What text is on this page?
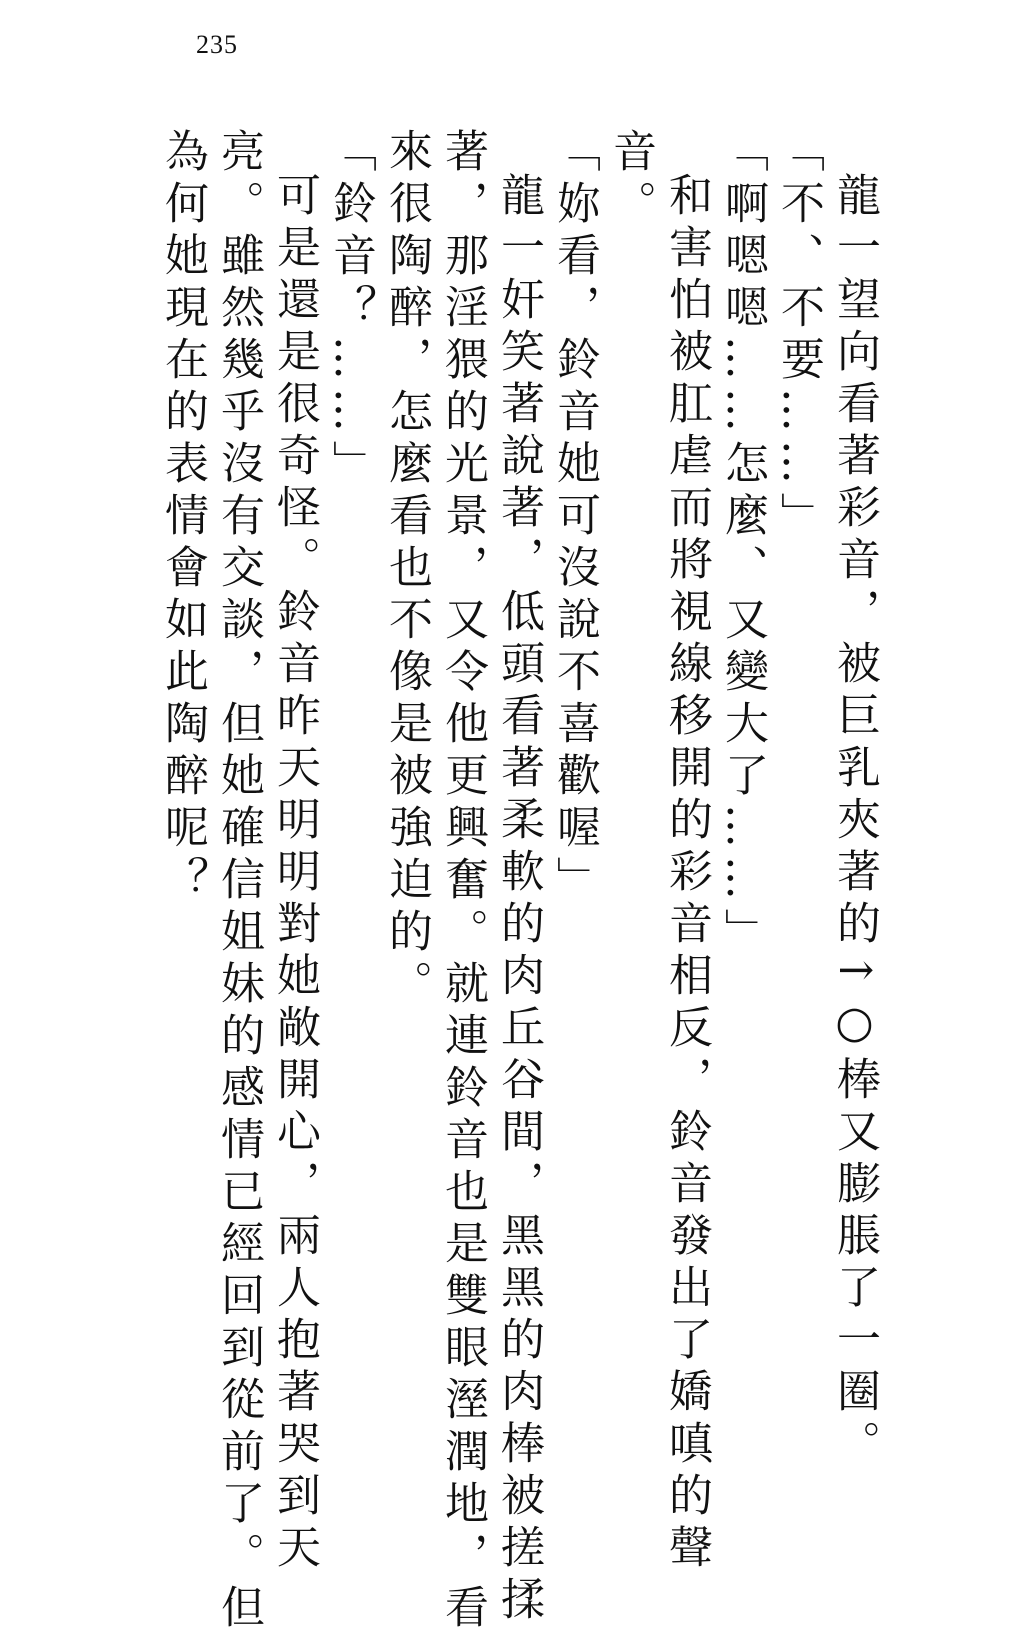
235
龍一望向看著彩音，被巨乳夾著的↑○棒又膨脹了一圈。
「不、不要……」
「啊嗯嗯……怎麼、又變大了……」
和害怕被肛虐而將視線移開的彩音相反，鈴音發出了嬌嗔的聲
音。
「妳看，鈴音她可沒說不喜歡喔」
龍一奸笑著說著，低頭看著柔軟的肉丘谷間，黑黑的肉棒被搓揉
著，那淫猥的光景，又令他更興奮。就連鈴音也是雙眼溼潤地，看
來很陶醉，怎麼看也不像是被強迫的。
「鈴音？……」
可是還是很奇怪。鈴音昨天明明對她敞開心，兩人抱著哭到天
亮。雖然幾乎沒有交談，但她確信姐妹的感情已經回到從前了。但
為何她現在的表情會如此陶醉呢？
